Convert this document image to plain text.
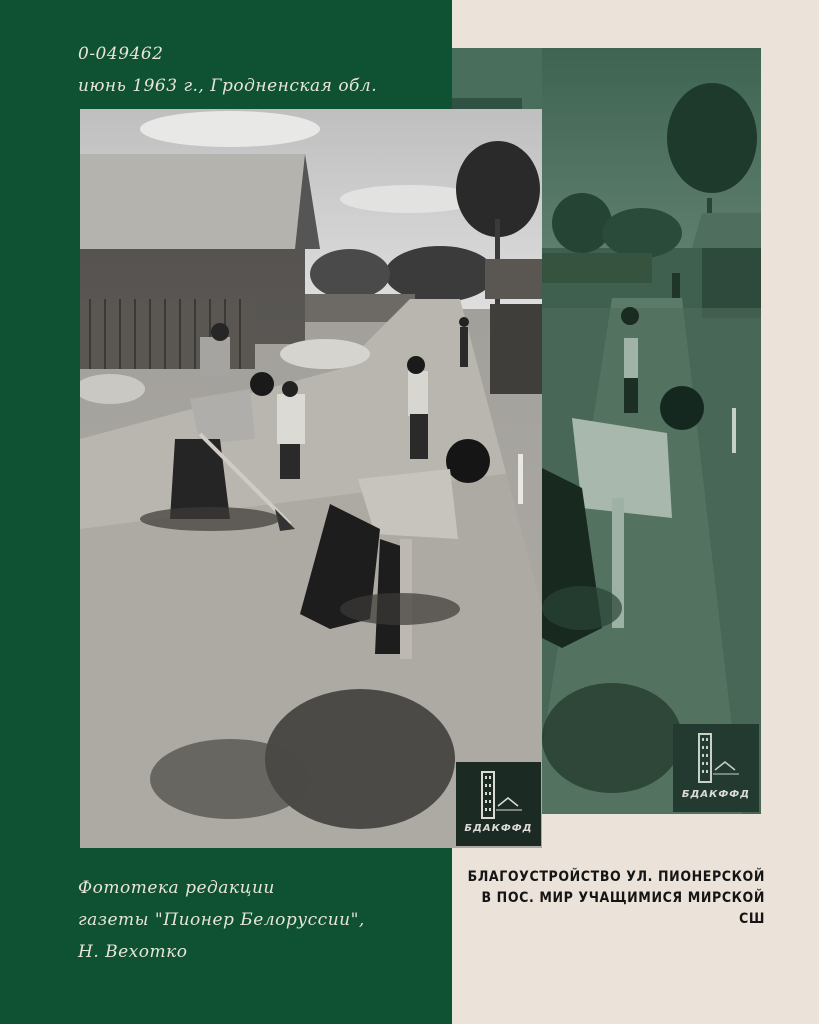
БДАКФФД
БДАКФФД
0-049462
июнь 1963 г., Гродненская обл.
Фототека редакции
газеты "Пионер Белоруссии",
Н. Вехотко
БЛАГОУСТРОЙСТВО УЛ. ПИОНЕРСКОЙ
В ПОС. МИР УЧАЩИМИСЯ МИРСКОЙ
СШ
